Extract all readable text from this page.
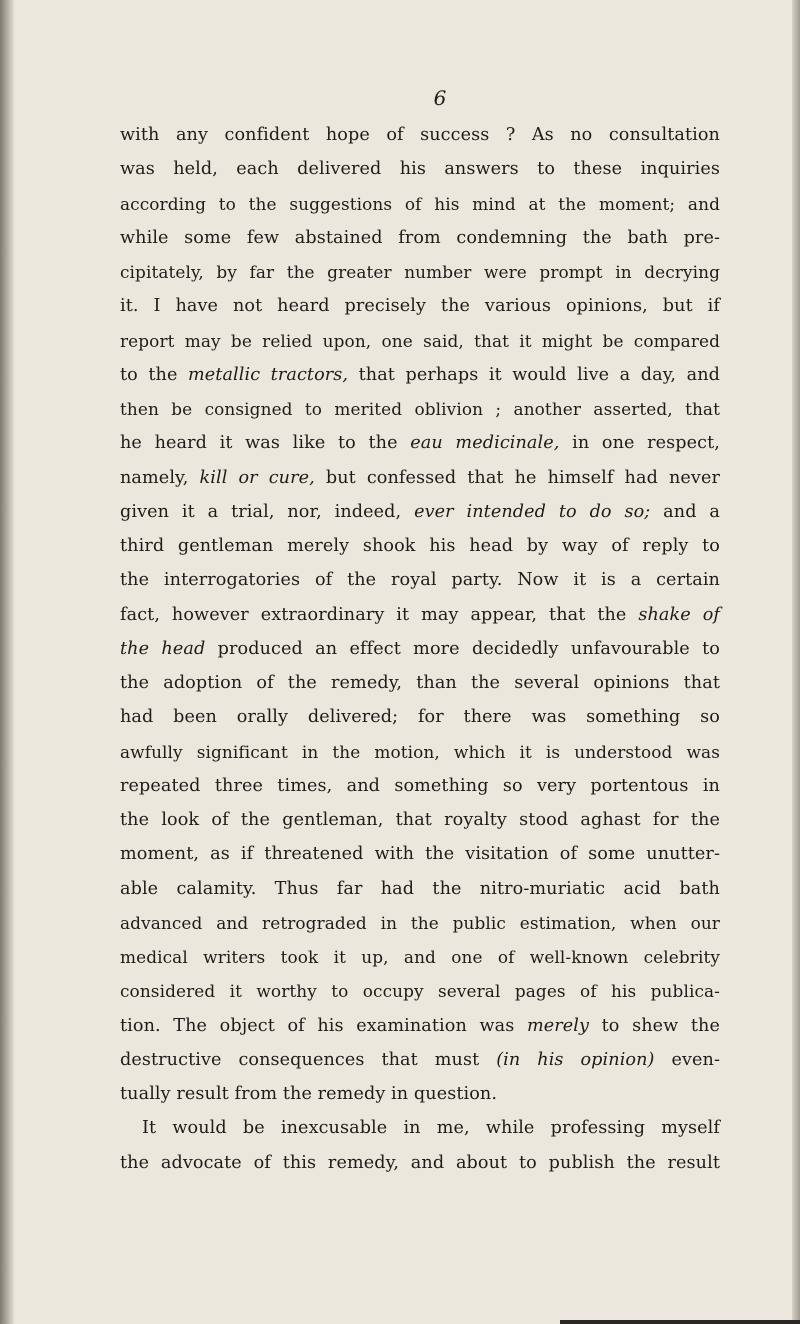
6
with any confident hope of success ? As no consultation
was held, each delivered his answers to these inquiries
according to the suggestions of his mind at the moment; and
while some few abstained from condemning the bath pre-
cipitately, by far the greater number were prompt in decrying
it. I have not heard precisely the various opinions, but if
report may be relied upon, one said, that it might be compared
to the metallic tractors, that perhaps it would live a day, and
then be consigned to merited oblivion ; another asserted, that
he heard it was like to the eau medicinale, in one respect,
namely, kill or cure, but confessed that he himself had never
given it a trial, nor, indeed, ever intended to do so; and a
third gentleman merely shook his head by way of reply to
the interrogatories of the royal party. Now it is a certain
fact, however extraordinary it may appear, that the shake of
the head produced an effect more decidedly unfavourable to
the adoption of the remedy, than the several opinions that
had been orally delivered; for there was something so
awfully significant in the motion, which it is understood was
repeated three times, and something so very portentous in
the look of the gentleman, that royalty stood aghast for the
moment, as if threatened with the visitation of some unutter-
able calamity. Thus far had the nitro-muriatic acid bath
advanced and retrograded in the public estimation, when our
medical writers took it up, and one of well-known celebrity
considered it worthy to occupy several pages of his publica-
tion. The object of his examination was merely to shew the
destructive consequences that must (in his opinion) even-
tually result from the remedy in question.
It would be inexcusable in me, while professing myself
the advocate of this remedy, and about to publish the result
